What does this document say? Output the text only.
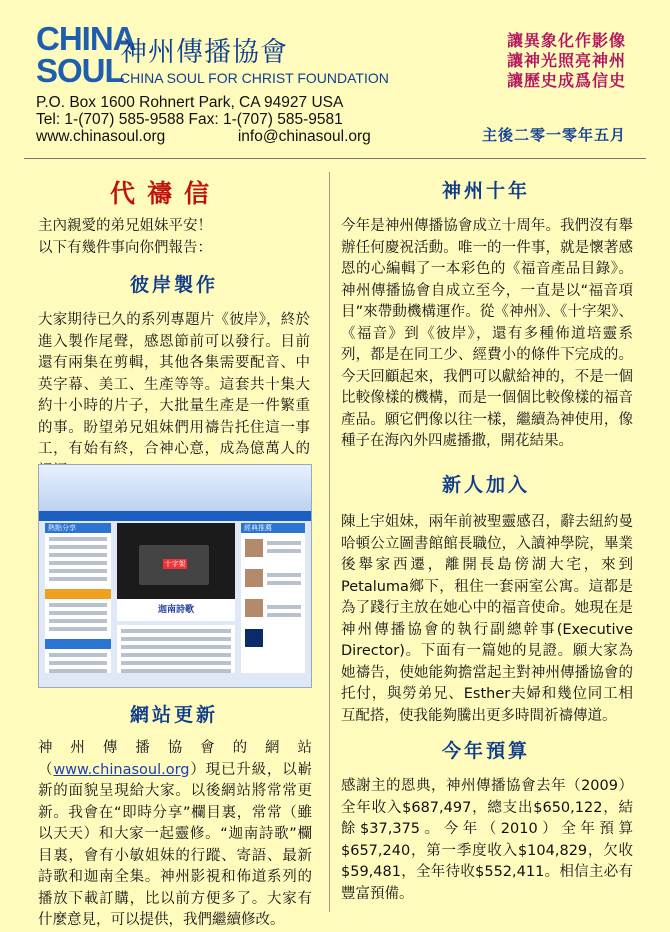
CHINA
SOUL
神州傳播協會
CHINA SOUL FOR CHRIST FOUNDATION
P.O. Box 1600 Rohnert Park, CA 94927 USA
Tel: 1-(707) 585-9588 Fax: 1-(707) 585-9581
www.chinasoul.org	info@chinasoul.org
讓異象化作影像
讓神光照亮神州
讓歷史成爲信史
主後二零一零年五月
代禱信
主內親愛的弟兄姐妹平安！
以下有幾件事向你們報告：
彼岸製作
大家期待已久的系列專題片《彼岸》，終於進入製作尾聲，感恩節前可以發行。目前還有兩集在剪輯，其他各集需要配音、中英字幕、美工、生產等等。這套共十集大約十小時的片子，大批量生產是一件繁重的事。盼望弟兄姐妹們用禱告托住這一事工，有始有終，合神心意，成為億萬人的
熱點分享
十字架
迦南詩歌
經典推薦
網站更新
神州傳播協會的網站（www.chinasoul.org）現已升級，以嶄新的面貌呈現給大家。以後網站將常常更新。我會在“即時分享”欄目裏，常常（雖以天天）和大家一起靈修。“迦南詩歌”欄目裏，會有小敏姐妹的行蹤、寄語、最新詩歌和迦南全集。神州影視和佈道系列的播放下載訂購，比以前方便多了。大家有什麼意見，可以提供，我們繼續修改。
神州十年
今年是神州傳播協會成立十周年。我們沒有舉辦任何慶祝活動。唯一的一件事，就是懷著感恩的心編輯了一本彩色的《福音產品目錄》。神州傳播協會自成立至今，一直是以“福音項目”來帶動機構運作。從《神州》、《十字架》、《福音》到《彼岸》，還有多種佈道培靈系列，都是在同工少、經費小的條件下完成的。今天回顧起來，我們可以獻給神的，不是一個比較像樣的機構，而是一個個比較像樣的福音產品。願它們像以往一樣，繼續為神使用，像種子在海內外四處播撒，開花結果。
新人加入
陳上宇姐妹，兩年前被聖靈感召，辭去紐約曼哈頓公立圖書館館長職位，入讀神學院，畢業後舉家西遷，離開長島傍湖大宅，來到Petaluma鄉下，租住一套兩室公寓。這都是為了踐行主放在她心中的福音使命。她現在是神州傳播協會的執行副總幹事(Executive Director)。下面有一篇她的見證。願大家為她禱告，使她能夠擔當起主對神州傳播協會的托付，與勞弟兄、Esther夫婦和幾位同工相互配搭，使我能夠騰出更多時間祈禱傳道。
今年預算
感謝主的恩典，神州傳播協會去年（2009）全年收入$687,497，總支出$650,122，結餘$37,375。今年（2010）全年預算$657,240，第一季度收入$104,829，欠收$59,481，全年待收$552,411。相信主必有豐富預備。
